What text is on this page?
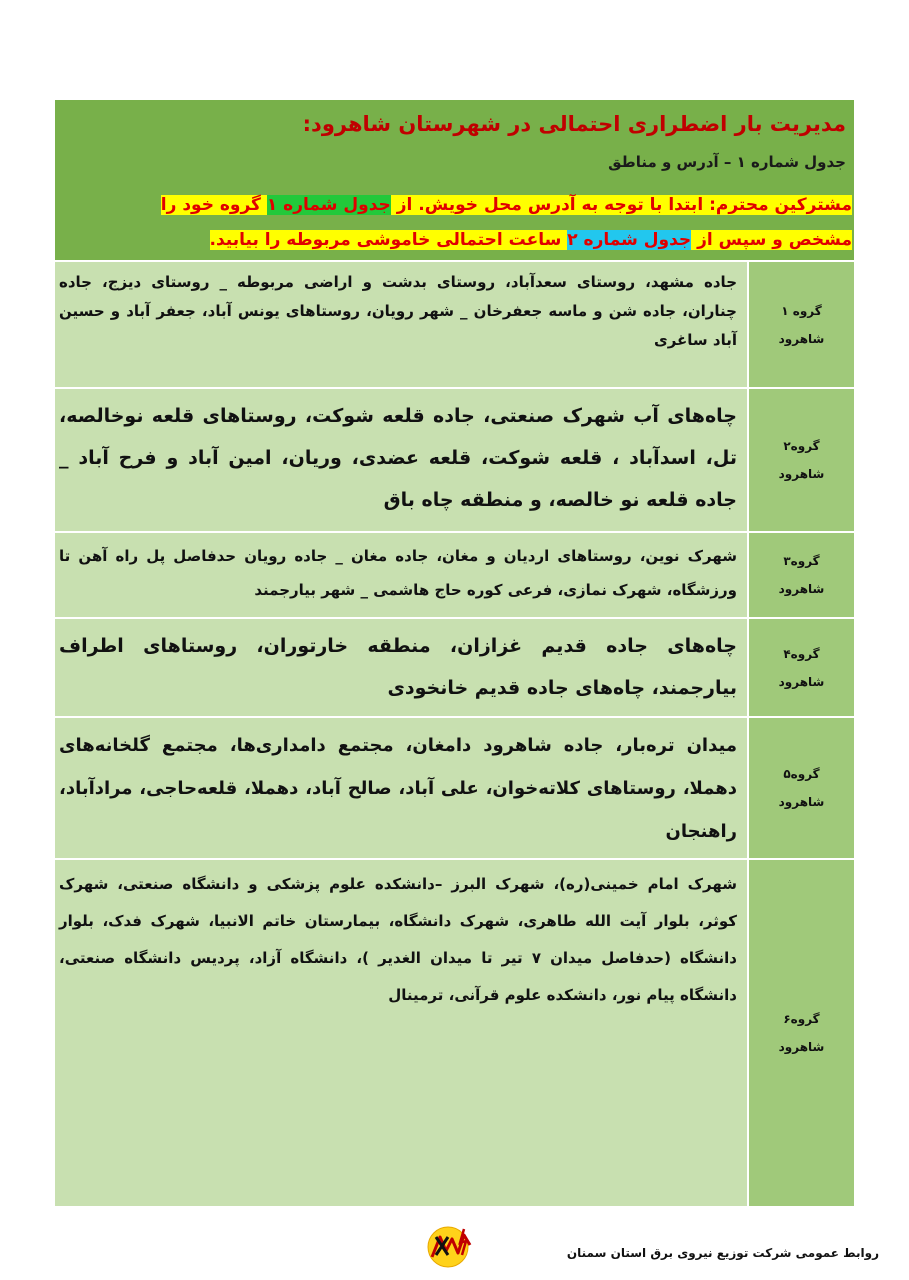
مدیریت بار اضطراری احتمالی در شهرستان شاهرود:
جدول شماره ۱ – آدرس و مناطق
مشترکین محترم: ابتدا با توجه به آدرس محل خویش. از جدول شماره ۱ گروه خود را
مشخص و سپس از جدول شماره ۲ ساعت احتمالی خاموشی مربوطه را بیابید.
گروه ۱
شاهرود
جاده مشهد، روستای سعدآباد، روستای بدشت و اراضی مربوطه _ روستای دیزج، جاده چناران، جاده شن و ماسه جعفرخان _ شهر رویان، روستاهای یونس آباد، جعفر آباد و حسین آباد ساغری
گروه۲
شاهرود
چاه‌های آب شهرک صنعتی، جاده قلعه شوکت، روستاهای قلعه نوخالصه، تل، اسدآباد ، قلعه شوکت، قلعه عضدی، وریان، امین آباد و فرح آباد _ جاده قلعه نو خالصه، و منطقه چاه باق
گروه۳
شاهرود
شهرک نوین، روستاهای اردیان و مغان، جاده مغان _ جاده رویان حدفاصل پل راه آهن تا ورزشگاه، شهرک نمازی، فرعی کوره حاج هاشمی _ شهر بیارجمند
گروه۴
شاهرود
چاه‌های جاده قدیم غزازان، منطقه خارتوران، روستاهای اطراف بیارجمند، چاه‌های جاده قدیم خانخودی
گروه۵
شاهرود
میدان تره‌بار، جاده شاهرود دامغان، مجتمع دامداری‌ها، مجتمع گلخانه‌های دهملا، روستاهای کلاته‌خوان، علی آباد، صالح آباد، دهملا، قلعه‌حاجی، مرادآباد، راهنجان
گروه۶
شاهرود
شهرک امام خمینی(ره)، شهرک البرز –دانشکده علوم پزشکی و دانشگاه صنعتی، شهرک کوثر، بلوار آیت الله طاهری، شهرک دانشگاه، بیمارستان خاتم الانبیا، شهرک فدک، بلوار دانشگاه (حدفاصل میدان ۷ تیر تا میدان الغدیر )، دانشگاه آزاد، پردیس دانشگاه صنعتی، دانشگاه پیام نور، دانشکده علوم قرآنی، ترمینال
روابط عمومی شرکت توزیع نیروی برق استان سمنان
